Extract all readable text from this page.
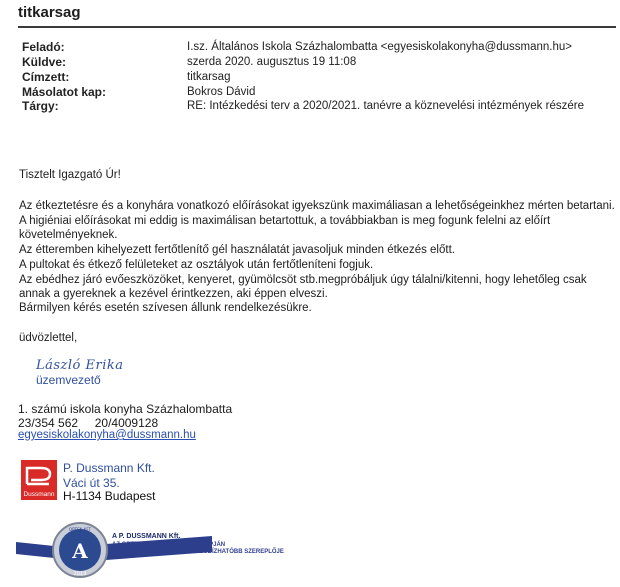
titkarsag
Feladó:	I.sz. Általános Iskola Százhalombatta <egyesiskolakonyha@dussmann.hu>
Küldve:	szerda 2020. augusztus 19 11:08
Címzett:	titkarsag
Másolatot kap:	Bokros Dávid
Tárgy:	RE: Intézkedési terv a 2020/2021. tanévre a köznevelési intézmények részére
Tisztelt Igazgató Úr!
Az étkeztetésre és a konyhára vonatkozó előírásokat igyekszünk maximáliasan a lehetőségeinkhez mérten betartani.
A higiéniai előírásokat mi eddig is maximálisan betartottuk, a továbbiakban is meg fogunk felelni az előírt
követelményeknek.
Az étteremben kihelyezett fertőtlenítő gél használatát javasoljuk minden étkezés előtt.
A pultokat és étkező felületeket az osztályok után fertőtleníteni fogjuk.
Az ebédhez járó evőeszközöket, kenyeret, gyümölcsöt stb.megpróbáljuk úgy tálalni/kitenni, hogy lehetőleg csak
annak a gyereknek a kezével érintkezzen, aki éppen elveszi.
Bármilyen kérés esetén szívesen állunk rendelkezésükre.
üdvözlettel,
László Erika
üzemvezető
1. számú iskola konyha Százhalombatta
23/354 562     20/4009128
egyesiskolakonyha@dussmann.hu
Dussmann
P. Dussmann Kft.
Váci út 35.
H-1134 Budapest
A
2019
OPTEN KFT
A P. DUSSMANN Kft.
AZ OPTEN KFT. MINŐSÍTÉSE ALAPJÁN
AZ ÜZLETI ÉLET EGYIK LEGMEGBÍZHATÓBB SZEREPLŐJE
